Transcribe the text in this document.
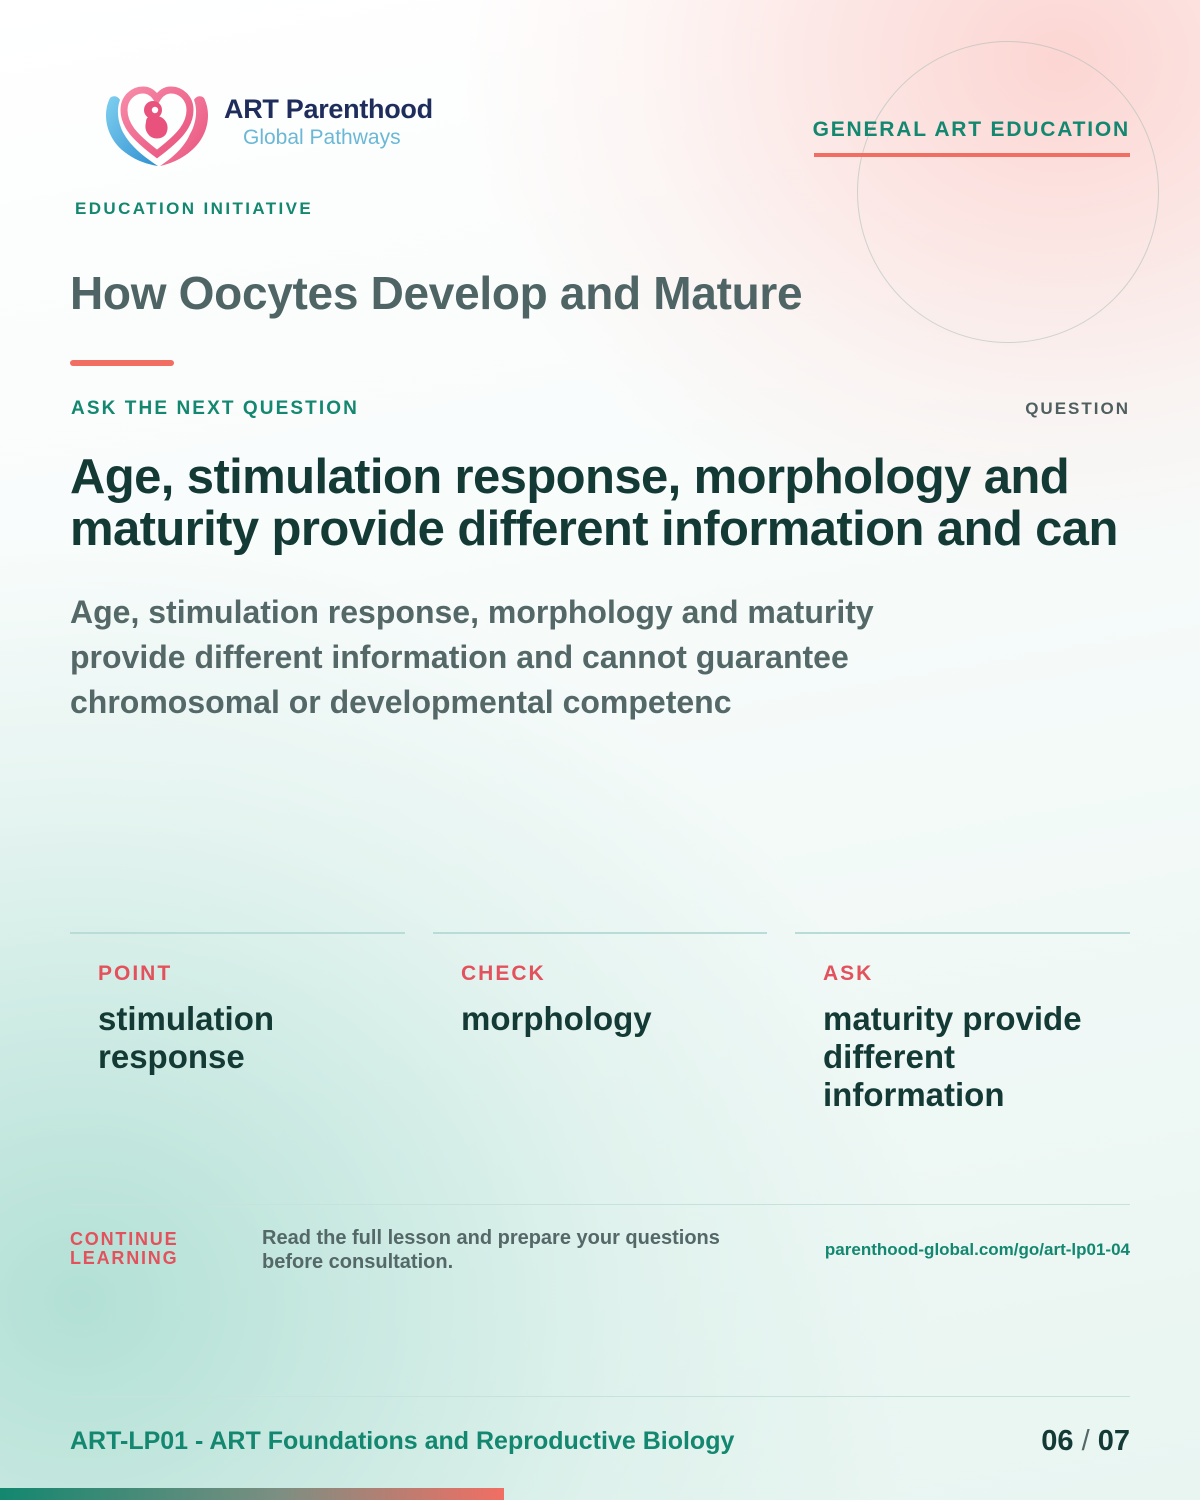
ART Parenthood
Global Pathways
EDUCATION INITIATIVE
GENERAL ART EDUCATION
How Oocytes Develop and Mature
ASK THE NEXT QUESTION	QUESTION
Age, stimulation response, morphology and maturity provide different information and can

Age, stimulation response, morphology and maturity provide different information and cannot guarantee chromosomal or developmental competenc

POINT
stimulation response
CHECK
morphology
ASK
maturity provide different information
CONTINUE LEARNING
Read the full lesson and prepare your questions before consultation.
parenthood-global.com/go/art-lp01-04
ART-LP01 - ART Foundations and Reproductive Biology	06 / 07
